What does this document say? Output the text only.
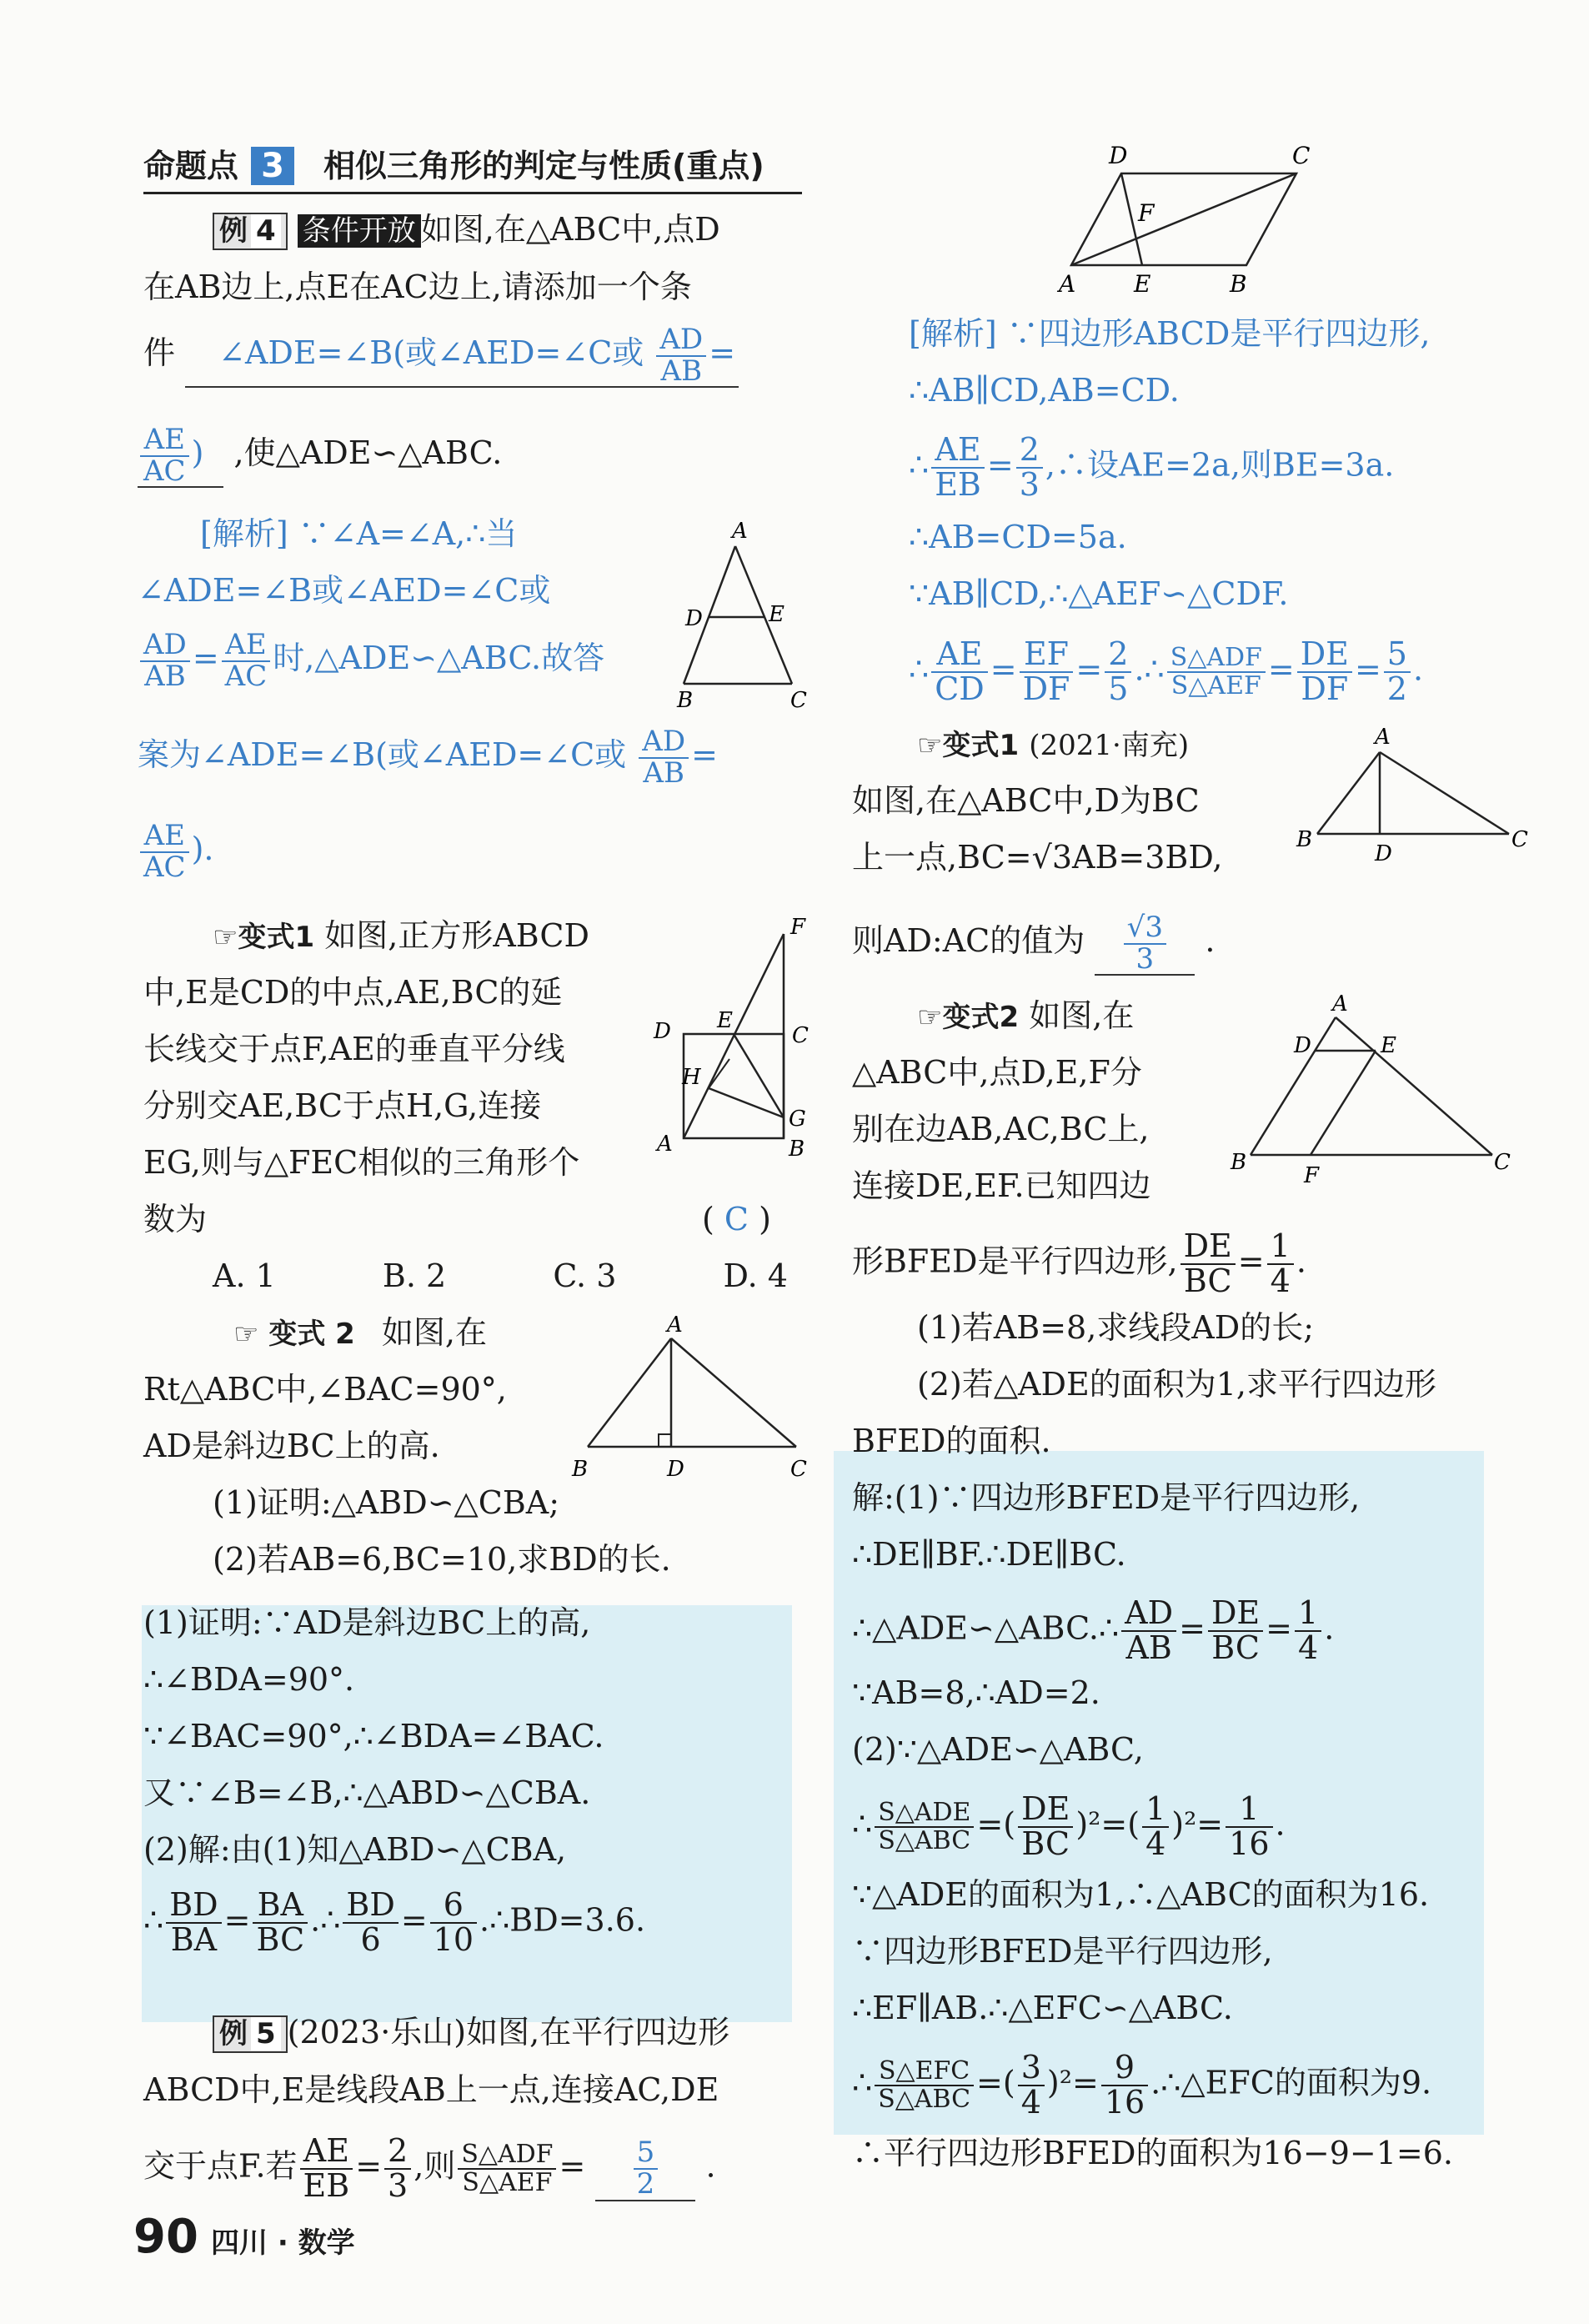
命题点 3 相似三角形的判定与性质(重点)
例 4 条件开放 如图,在△ABC中,点D
在AB边上,点E在AC边上,请添加一个条
件 ∠ADE=∠B(或∠AED=∠C或 $\frac{AD}{AB}$ =
$\frac{AE}{AC}$ ) ,使△ADE∽△ABC.
[解析] ∵∠A=∠A,∴当
∠ADE=∠B或∠AED=∠C或
$\frac{AD}{AB} = \frac{AE}{AC}$ 时,△ADE∽△ABC.故答
案为∠ADE=∠B(或∠AED=∠C或 $\frac{AD}{AB}$ =
$\frac{AE}{AC}$ ).
A
D	E
B	C
☞变式1 如图,正方形ABCD
中,E是CD的中点,AE,BC的延
长线交于点F,AE的垂直平分线
分别交AE,BC于点H,G,连接
EG,则与△FEC相似的三角形个
数为	( C )
A. 1	B. 2	C. 3	D. 4
F
E
D	C
H
G
A	B
☞ 变式 2 如图,在
Rt△ABC中,∠BAC=90°,
AD是斜边BC上的高.
(1)证明:△ABD∽△CBA;
(2)若AB=6,BC=10,求BD的长.
(1)证明:∵AD是斜边BC上的高,
∴∠BDA=90°.
∵∠BAC=90°,∴∠BDA=∠BAC.
又∵∠B=∠B,∴△ABD∽△CBA.
(2)解:由(1)知△ABD∽△CBA,
∴ $\frac{BD}{BA} = \frac{BA}{BC}$ .∴ $\frac{BD}{6} = \frac{6}{10}$ .∴BD=3.6.
A
B	D	C
例 5 (2023·乐山)如图,在平行四边形
ABCD中,E是线段AB上一点,连接AC,DE
交于点F.若 $\frac{AE}{EB} = \frac{2}{3}$ ,则 $\frac{\text{S△ADF}}{\text{S△AEF}} = \frac{5}{2}$ .
D	C
F
A E	B
[解析] ∵四边形ABCD是平行四边形,
∴AB∥CD,AB=CD.
∴ $\frac{AE}{EB} = \frac{2}{3}$ ,∴设AE=2a,则BE=3a.
∴AB=CD=5a.
∵AB∥CD,∴△AEF∽△CDF.
∴ $\frac{AE}{CD} = \frac{EF}{DF} = \frac{2}{5}$ .∴ $\frac{\text{S△ADF}}{\text{S△AEF}} = \frac{DE}{DF} = \frac{5}{2}$ .
☞变式1 (2021·南充)
如图,在△ABC中,D为BC
上一点,BC=√3AB=3BD,
则AD:AC的值为 $\frac{√3}{3}$ .
A
B
D
C
☞变式2 如图,在
△ABC中,点D,E,F分
别在边AB,AC,BC上,
连接DE,EF.已知四边
形BFED是平行四边形, $\frac{DE}{BC} = \frac{1}{4}$ .
(1)若AB=8,求线段AD的长;
(2)若△ADE的面积为1,求平行四边形
BFED的面积.
解:(1)∵四边形BFED是平行四边形,
∴DE∥BF.∴DE∥BC.
∴△ADE∽△ABC.∴ $\frac{AD}{AB} = \frac{DE}{BC} = \frac{1}{4}$ .
∵AB=8,∴AD=2.
(2)∵△ADE∽△ABC,
∴ $\frac{\text{S△ADE}}{\text{S△ABC}}$ =( $\frac{DE}{BC} )^2=( \frac{1}{4} )^2= \frac{1}{16}$ .
∵△ADE的面积为1,∴△ABC的面积为16.
∵四边形BFED是平行四边形,
∴EF∥AB.∴△EFC∽△ABC.
∴ $\frac{\text{S△EFC}}{\text{S△ABC}}$ =( $\frac{3}{4} )^2= \frac{9}{16}$ .∴△EFC的面积为9.
∴平行四边形BFED的面积为16−9−1=6.
A
D	E
B
F
C
90 四川 · 数学
